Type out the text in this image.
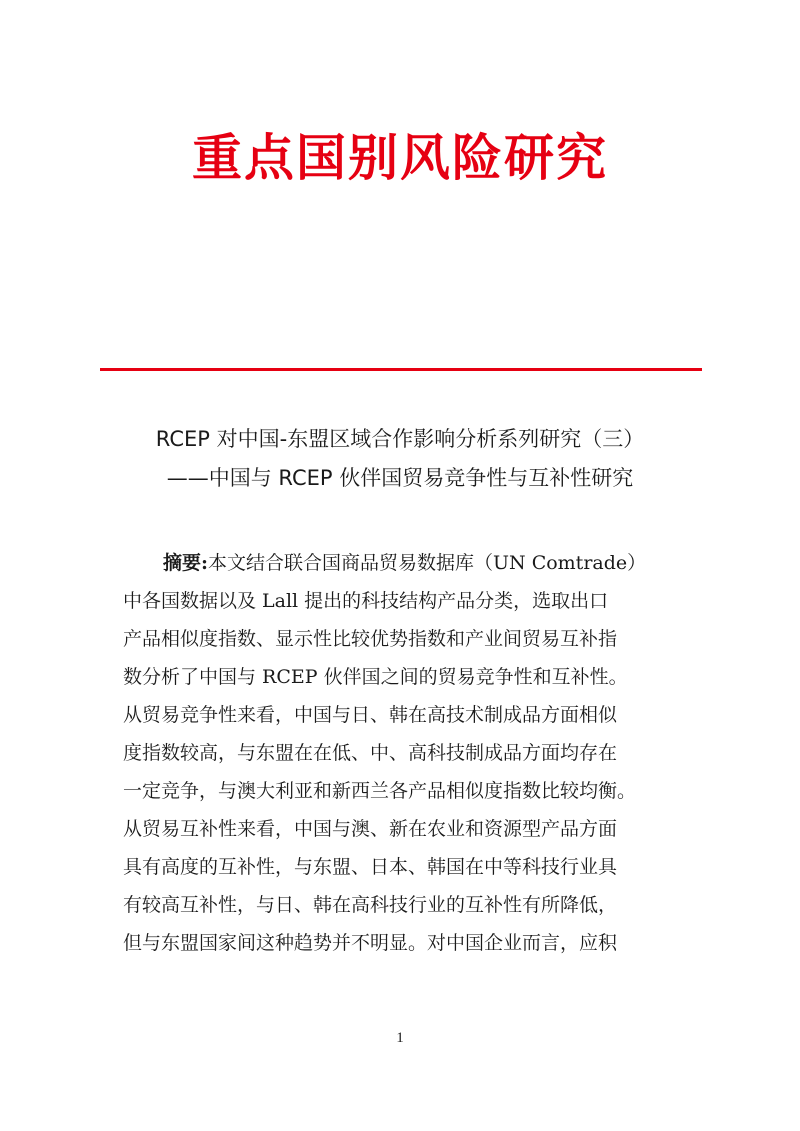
重点国别风险研究
RCEP 对中国-东盟区域合作影响分析系列研究（三）
——中国与 RCEP 伙伴国贸易竞争性与互补性研究
摘要:本文结合联合国商品贸易数据库（UN Comtrade）
中各国数据以及 Lall 提出的科技结构产品分类，选取出口
产品相似度指数、显示性比较优势指数和产业间贸易互补指
数分析了中国与 RCEP 伙伴国之间的贸易竞争性和互补性。
从贸易竞争性来看，中国与日、韩在高技术制成品方面相似
度指数较高，与东盟在在低、中、高科技制成品方面均存在
一定竞争，与澳大利亚和新西兰各产品相似度指数比较均衡。
从贸易互补性来看，中国与澳、新在农业和资源型产品方面
具有高度的互补性，与东盟、日本、韩国在中等科技行业具
有较高互补性，与日、韩在高科技行业的互补性有所降低，
但与东盟国家间这种趋势并不明显。对中国企业而言，应积
1
